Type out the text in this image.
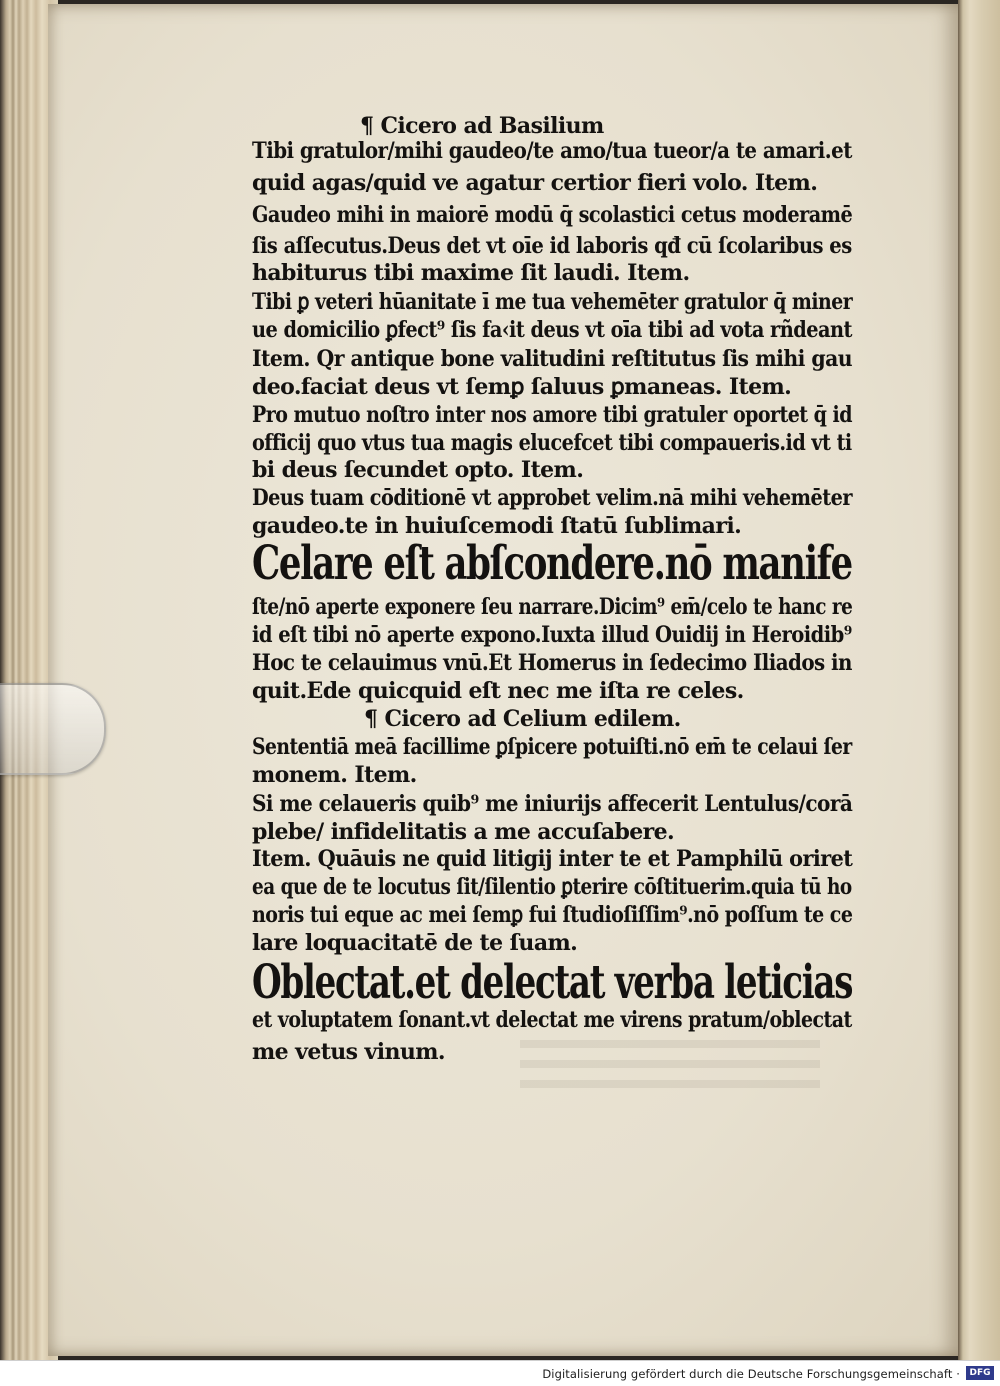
¶ Cicero ad Basilium
Tibi gratulor/mihi gaudeo/te amo/tua tueor/a te amari.et
quid agas/quid ve agatur certior fieri volo. Item.
Gaudeo mihi in maiorē modū q̄ scolastici cetus moderamē
ſis aſſecutus.Deus det vt oīe id laboris qđ cū ſcolaribus es
habiturus tibi maxime ſit laudi. Item.
Tibi ꝑ veteri hūanitate ī me tua vehemēter gratulor q̄ miner
ue domicilio ꝑfect⁹ ſis fa‹it deus vt oīa tibi ad vota rñdeant
Item. Qr antique bone valitudini reſtitutus ſis mihi gau
deo.faciat deus vt ſemꝑ ſaluus ꝑmaneas. Item.
Pro mutuo noſtro inter nos amore tibi gratuler oportet q̄ id
officij quo vtus tua magis elucefcet tibi compaueris.id vt ti
bi deus ſecundet opto. Item.
Deus tuam cōditionē vt approbet velim.nā mihi vehemēter
gaudeo.te in huiuſcemodi ſtatū ſublimari.
Celare eſt abſcondere.nō manife
ſte/nō aperte exponere ſeu narrare.Dicim⁹ em̄/celo te hanc re
id eſt tibi nō aperte expono.Iuxta illud Ouidij in Heroidib⁹
Hoc te celauimus vnū.Et Homerus in ſedecimo Iliados in
quit.Ede quicquid eſt nec me iſta re celes.
¶ Cicero ad Celium edilem.
Sententiā meā facillime ꝑſpicere potuiſti.nō em̄ te celaui ſer
monem. Item.
Si me celaueris quib⁹ me iniurijs affecerit Lentulus/corā
plebe/ infidelitatis a me accuſabere.
Item. Quāuis ne quid litigij inter te et Pamphilū oriret
ea que de te locutus ſit/ſilentio ꝑterire cōſtituerim.quia tū ho
noris tui eque ac mei ſemꝑ fui ſtudioſiſſim⁹.nō poſſum te ce
lare loquacitatē de te ſuam.
Oblectat.et delectat verba leticias
et voluptatem ſonant.vt delectat me virens pratum/oblectat
me vetus vinum.
Digitalisierung gefördert durch die Deutsche Forschungsgemeinschaft ·	DFG
